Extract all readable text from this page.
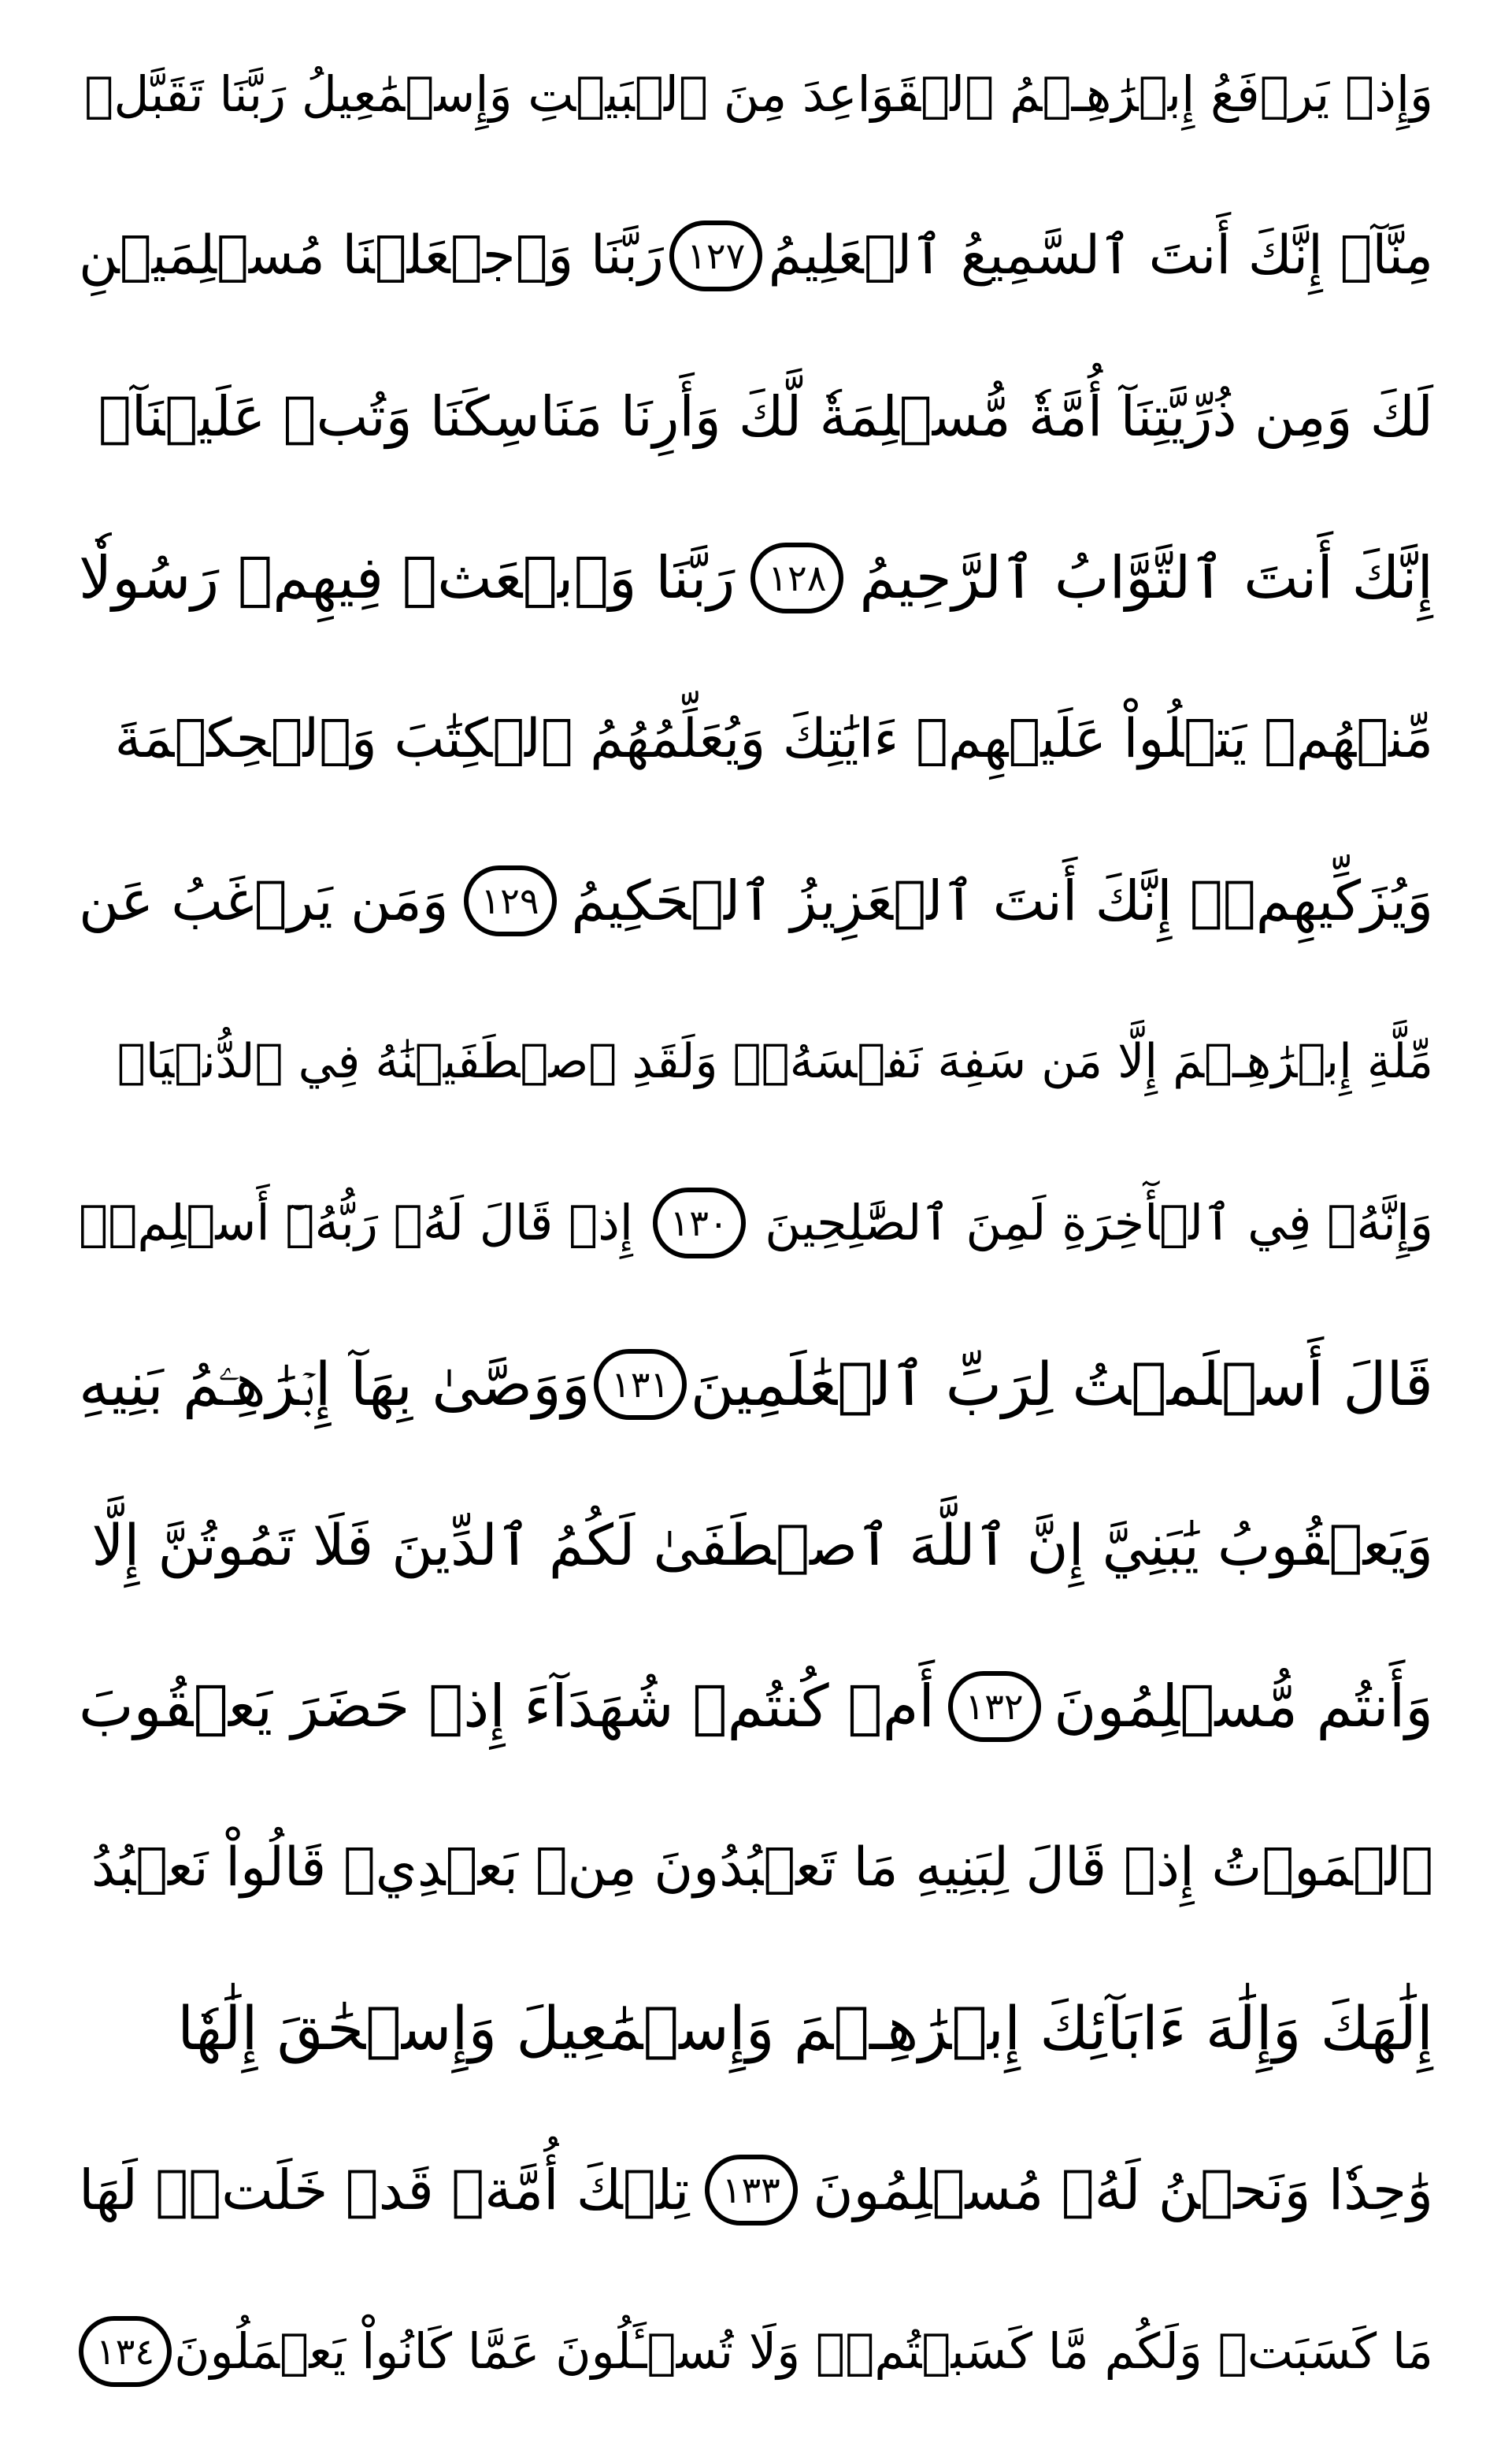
وَإِذۡ يَرۡفَعُ إِبۡرَٰهِـۧمُ ٱلۡقَوَاعِدَ مِنَ ٱلۡبَيۡتِ وَإِسۡمَٰعِيلُ رَبَّنَا تَقَبَّلۡ
مِنَّآۖ إِنَّكَ أَنتَ ٱلسَّمِيعُ ٱلۡعَلِيمُ
١٢٧
رَبَّنَا وَٱجۡعَلۡنَا مُسۡلِمَيۡنِ
لَكَ وَمِن ذُرِّيَّتِنَآ أُمَّةٗ مُّسۡلِمَةٗ لَّكَ وَأَرِنَا مَنَاسِكَنَا وَتُبۡ عَلَيۡنَآۖ
إِنَّكَ أَنتَ ٱلتَّوَّابُ ٱلرَّحِيمُ
١٢٨
رَبَّنَا وَٱبۡعَثۡ فِيهِمۡ رَسُولٗا
مِّنۡهُمۡ يَتۡلُواْ عَلَيۡهِمۡ ءَايَٰتِكَ وَيُعَلِّمُهُمُ ٱلۡكِتَٰبَ وَٱلۡحِكۡمَةَ
وَيُزَكِّيهِمۡۚ إِنَّكَ أَنتَ ٱلۡعَزِيزُ ٱلۡحَكِيمُ
١٢٩
وَمَن يَرۡغَبُ عَن
مِّلَّةِ إِبۡرَٰهِـۧمَ إِلَّا مَن سَفِهَ نَفۡسَهُۥۚ وَلَقَدِ ٱصۡطَفَيۡنَٰهُ فِي ٱلدُّنۡيَاۖ
وَإِنَّهُۥ فِي ٱلۡأٓخِرَةِ لَمِنَ ٱلصَّٰلِحِينَ
١٣٠
إِذۡ قَالَ لَهُۥ رَبُّهُۥٓ أَسۡلِمۡۖ
قَالَ أَسۡلَمۡتُ لِرَبِّ ٱلۡعَٰلَمِينَ
١٣١
وَوَصَّىٰ بِهَآ إِبۡرَٰهِـۧمُ بَنِيهِ
وَيَعۡقُوبُ يَٰبَنِيَّ إِنَّ ٱللَّهَ ٱصۡطَفَىٰ لَكُمُ ٱلدِّينَ فَلَا تَمُوتُنَّ إِلَّا
وَأَنتُم مُّسۡلِمُونَ
١٣٢
أَمۡ كُنتُمۡ شُهَدَآءَ إِذۡ حَضَرَ يَعۡقُوبَ
ٱلۡمَوۡتُ إِذۡ قَالَ لِبَنِيهِ مَا تَعۡبُدُونَ مِنۢ بَعۡدِيۖ قَالُواْ نَعۡبُدُ
إِلَٰهَكَ وَإِلَٰهَ ءَابَآئِكَ إِبۡرَٰهِـۧمَ وَإِسۡمَٰعِيلَ وَإِسۡحَٰقَ إِلَٰهٗا
وَٰحِدٗا وَنَحۡنُ لَهُۥ مُسۡلِمُونَ
١٣٣
تِلۡكَ أُمَّةٞ قَدۡ خَلَتۡۖ لَهَا
مَا كَسَبَتۡ وَلَكُم مَّا كَسَبۡتُمۡۖ وَلَا تُسۡـَٔلُونَ عَمَّا كَانُواْ يَعۡمَلُونَ
١٣٤
